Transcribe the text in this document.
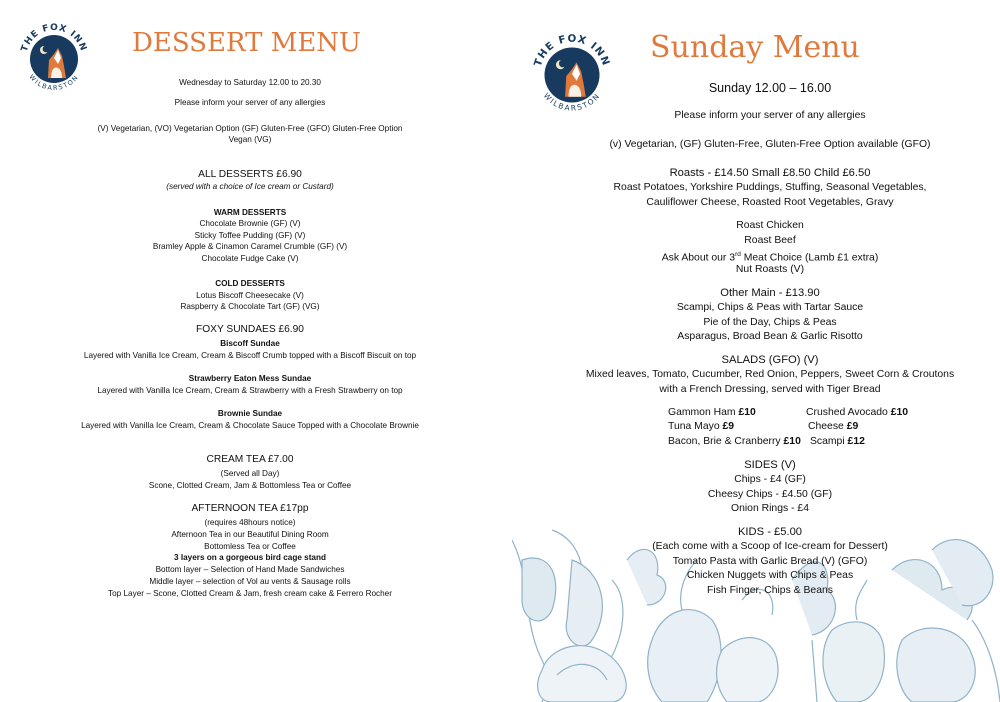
THE FOX INN
WILBARSTON
DESSERT MENU
Wednesday to Saturday 12.00 to 20.30
Please inform your server of any allergies
(V) Vegetarian, (VO) Vegetarian Option (GF) Gluten-Free (GFO) Gluten-Free Option
Vegan (VG)
ALL DESSERTS £6.90
(served with a choice of Ice cream or Custard)
WARM DESSERTS
Chocolate Brownie (GF) (V)
Sticky Toffee Pudding (GF) (V)
Bramley Apple & Cinamon Caramel Crumble (GF) (V)
Chocolate Fudge Cake (V)
COLD DESSERTS
Lotus Biscoff Cheesecake (V)
Raspberry & Chocolate Tart (GF) (VG)
FOXY SUNDAES £6.90
Biscoff Sundae
Layered with Vanilla Ice Cream, Cream & Biscoff Crumb topped with a Biscoff Biscuit on top
Strawberry Eaton Mess Sundae
Layered with Vanilla Ice Cream, Cream & Strawberry with a Fresh Strawberry on top
Brownie Sundae
Layered with Vanilla Ice Cream, Cream & Chocolate Sauce Topped with a Chocolate Brownie
CREAM TEA £7.00
(Served all Day)
Scone, Clotted Cream, Jam & Bottomless Tea or Coffee
AFTERNOON TEA £17pp
(requires 48hours notice)
Afternoon Tea in our Beautiful Dining Room
Bottomless Tea or Coffee
3 layers on a gorgeous bird cage stand
Bottom layer – Selection of Hand Made Sandwiches
Middle layer – selection of Vol au vents & Sausage rolls
Top Layer – Scone, Clotted Cream & Jam, fresh cream cake & Ferrero Rocher
THE FOX INN
WILBARSTON
Sunday Menu
Sunday 12.00 – 16.00
Please inform your server of any allergies
(v) Vegetarian, (GF) Gluten-Free, Gluten-Free Option available (GFO)
Roasts - £14.50 Small £8.50 Child £6.50
Roast Potatoes, Yorkshire Puddings, Stuffing, Seasonal Vegetables,
Cauliflower Cheese, Roasted Root Vegetables, Gravy
Roast Chicken
Roast Beef
Ask About our 3rd Meat Choice (Lamb £1 extra)
Nut Roasts (V)
Other Main - £13.90
Scampi, Chips & Peas with Tartar Sauce
Pie of the Day, Chips & Peas
Asparagus, Broad Bean & Garlic Risotto
SALADS (GFO) (V)
Mixed leaves, Tomato, Cucumber, Red Onion, Peppers, Sweet Corn & Croutons
with a French Dressing, served with Tiger Bread
Gammon Ham £10
Tuna Mayo £9
Bacon, Brie & Cranberry £10
Crushed Avocado £10
Cheese £9
Scampi £12
SIDES (V)
Chips - £4 (GF)
Cheesy Chips - £4.50 (GF)
Onion Rings - £4
KIDS - £5.00
(Each come with a Scoop of Ice-cream for Dessert)
Tomato Pasta with Garlic Bread (V) (GFO)
Chicken Nuggets with Chips & Peas
Fish Finger, Chips & Beans
